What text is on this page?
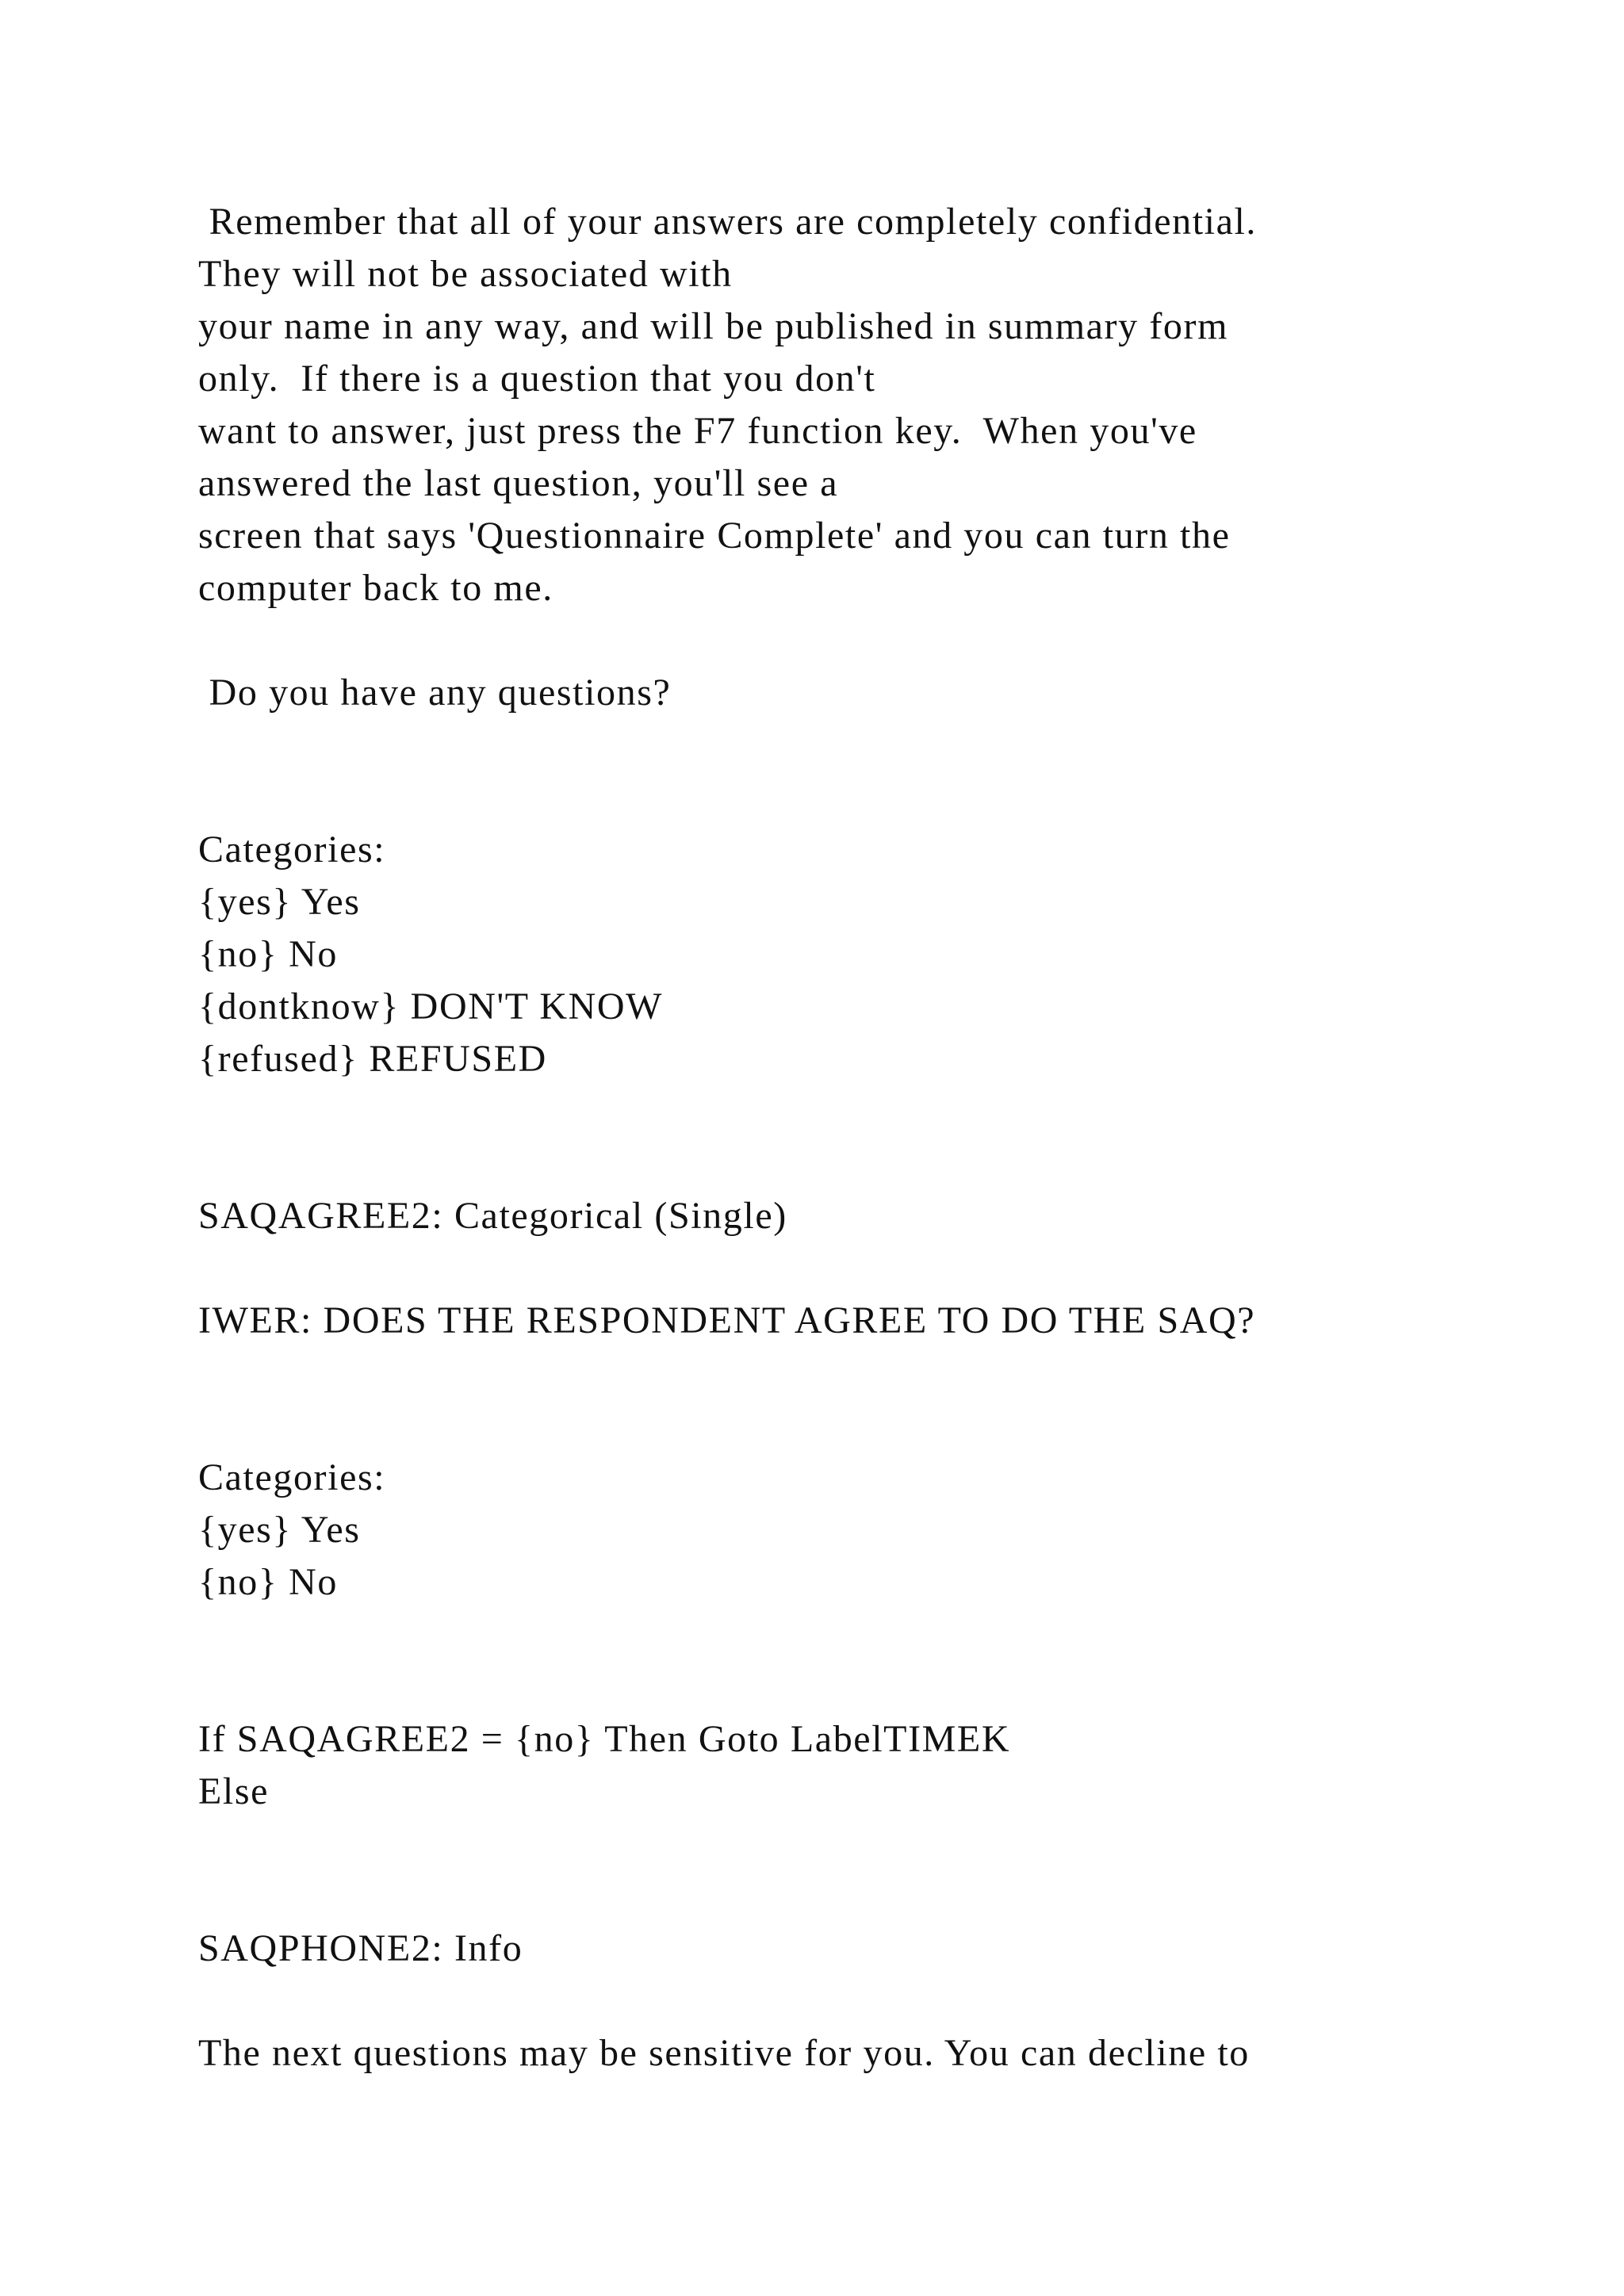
Remember that all of your answers are completely confidential.

They will not be associated with

your name in any way, and will be published in summary form

only.  If there is a question that you don't

want to answer, just press the F7 function key.  When you've

answered the last question, you'll see a

screen that says 'Questionnaire Complete' and you can turn the

computer back to me.

Do you have any questions?

Categories:

{yes} Yes

{no} No

{dontknow} DON'T KNOW

{refused} REFUSED

SAQAGREE2: Categorical (Single)

IWER: DOES THE RESPONDENT AGREE TO DO THE SAQ?

Categories:

{yes} Yes

{no} No

If SAQAGREE2 = {no} Then Goto LabelTIMEK

Else

SAQPHONE2: Info

The next questions may be sensitive for you. You can decline to
